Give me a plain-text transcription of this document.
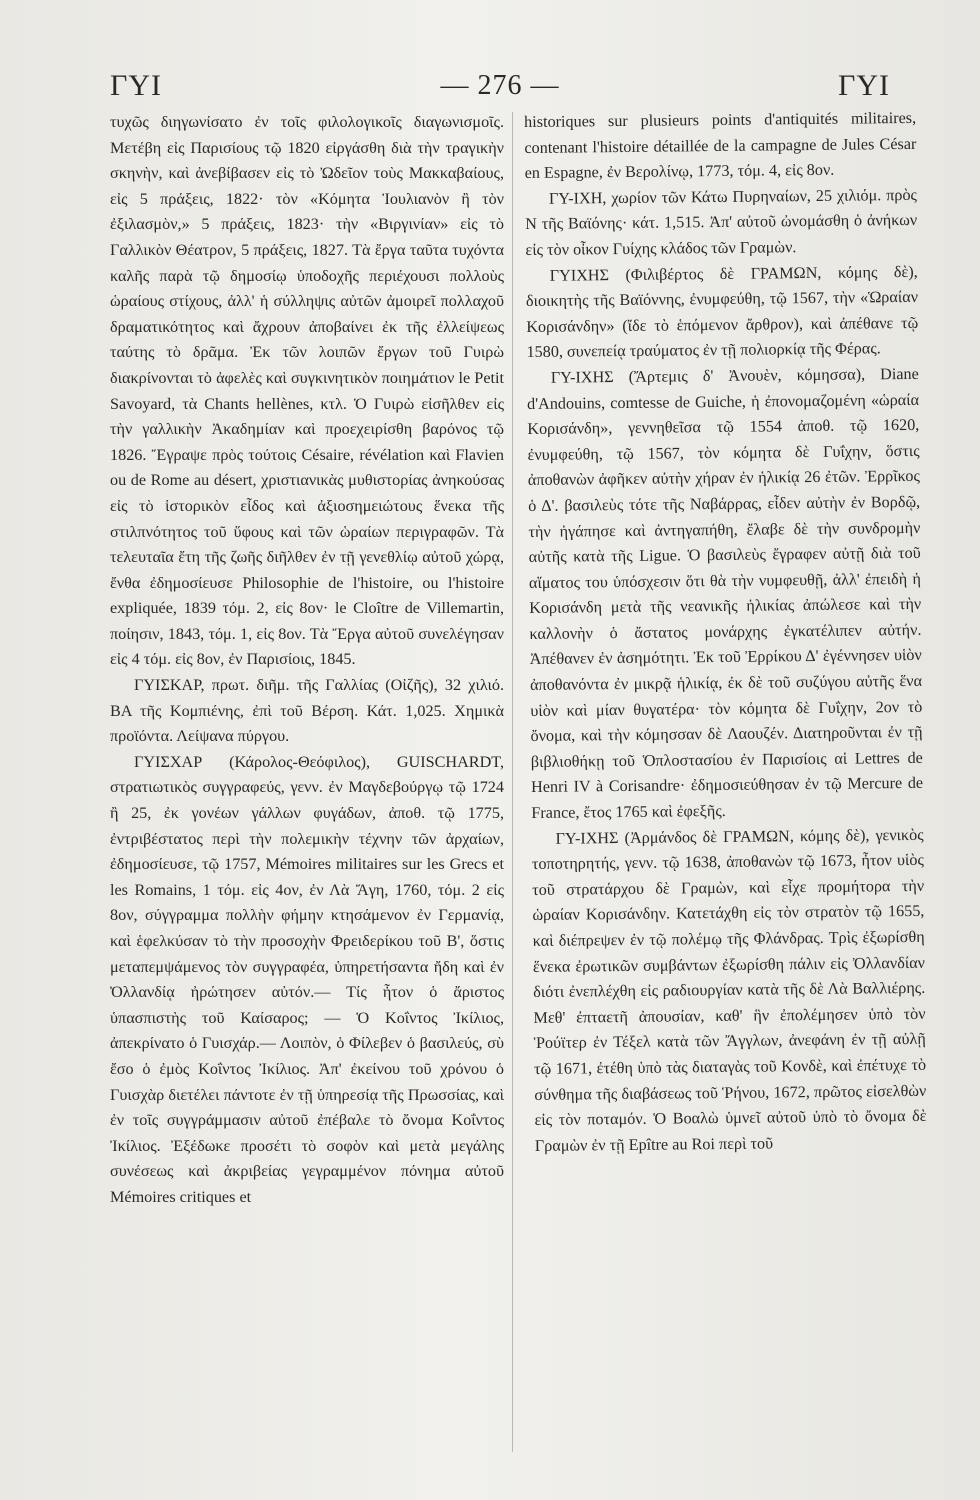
ΓΥΙ	— 276 —	ΓΥΙ

τυχῶς διηγωνίσατο ἐν τοῖς φιλολογικοῖς διαγωνισμοῖς. Μετέβη εἰς Παρισίους τῷ 1820 εἰργάσθη διὰ τὴν τραγικὴν σκηνὴν, καὶ ἀνεβίβασεν εἰς τὸ Ὠδεῖον τοὺς Μακκαβαίους, εἰς 5 πράξεις, 1822· τὸν «Κόμητα Ἰουλιανὸν ἢ τὸν ἐξιλασμὸν,» 5 πράξεις, 1823· τὴν «Βιργινίαν» εἰς τὸ Γαλλικὸν Θέατρον, 5 πράξεις, 1827. Τὰ ἔργα ταῦτα τυχόντα καλῆς παρὰ τῷ δημοσίῳ ὑποδοχῆς περιέχουσι πολλοὺς ὡραίους στίχους, ἀλλ' ἡ σύλληψις αὐτῶν ἀμοιρεῖ πολλαχοῦ δραματικότητος καὶ ἄχρουν ἀποβαίνει ἐκ τῆς ἐλλείψεως ταύτης τὸ δρᾶμα. Ἐκ τῶν λοιπῶν ἔργων τοῦ Γυιρὼ διακρίνονται τὸ ἀφελὲς καὶ συγκινητικὸν ποιημάτιον le Petit Savoyard, τὰ Chants hellènes, κτλ. Ὁ Γυιρὼ εἰσῆλθεν εἰς τὴν γαλλικὴν Ἀκαδημίαν καὶ προεχειρίσθη βαρόνος τῷ 1826. Ἔγραψε πρὸς τούτοις Césaire, révélation καὶ Flavien ou de Rome au désert, χριστιανικὰς μυθιστορίας ἀνηκούσας εἰς τὸ ἱστορικὸν εἶδος καὶ ἀξιοσημειώτους ἕνεκα τῆς στιλπνότητος τοῦ ὕφους καὶ τῶν ὡραίων περιγραφῶν. Τὰ τελευταῖα ἔτη τῆς ζωῆς διῆλθεν ἐν τῇ γενεθλίῳ αὐτοῦ χώρᾳ, ἔνθα ἐδημοσίευσε Philosophie de l'histoire, ou l'histoire expliquée, 1839 τόμ. 2, εἰς 8ον· le Cloître de Villemartin, ποίησιν, 1843, τόμ. 1, εἰς 8ον. Τὰ Ἔργα αὐτοῦ συνελέγησαν εἰς 4 τόμ. εἰς 8ον, ἐν Παρισίοις, 1845.

ΓΥΙΣΚΑΡ, πρωτ. διῆμ. τῆς Γαλλίας (Οἰζῆς), 32 χιλιό. ΒΑ τῆς Κομπιένης, ἐπὶ τοῦ Βέρση. Κάτ. 1,025. Χημικὰ προϊόντα. Λείψανα πύργου.

ΓΥΙΣΧΑΡ (Κάρολος-Θεόφιλος), GUISCHARDT, στρατιωτικὸς συγγραφεύς, γενν. ἐν Μαγδεβούργῳ τῷ 1724 ἢ 25, ἐκ γονέων γάλλων φυγάδων, ἀποθ. τῷ 1775, ἐντριβέστατος περὶ τὴν πολεμικὴν τέχνην τῶν ἀρχαίων, ἐδημοσίευσε, τῷ 1757, Mémoires militaires sur les Grecs et les Romains, 1 τόμ. εἰς 4ον, ἐν Λὰ Ἄγη, 1760, τόμ. 2 εἰς 8ον, σύγγραμμα πολλὴν φήμην κτησάμενον ἐν Γερμανίᾳ, καὶ ἑφελκύσαν τὸ τὴν προσοχὴν Φρειδερίκου τοῦ Β', ὅστις μεταπεμψάμενος τὸν συγγραφέα, ὑπηρετήσαντα ἤδη καὶ ἐν Ὀλλανδίᾳ ἠρώτησεν αὐτόν.— Τίς ἦτον ὁ ἄριστος ὑπασπιστὴς τοῦ Καίσαρος; — Ὁ Κοΐντος Ἰκίλιος, ἀπεκρίνατο ὁ Γυισχάρ.— Λοιπὸν, ὁ Φίλεβεν ὁ βασιλεύς, σὺ ἔσο ὁ ἐμὸς Κοΐντος Ἰκίλιος. Ἀπ' ἐκείνου τοῦ χρόνου ὁ Γυισχὰρ διετέλει πάντοτε ἐν τῇ ὑπηρεσίᾳ τῆς Πρωσσίας, καὶ ἐν τοῖς συγγράμμασιν αὐτοῦ ἐπέβαλε τὸ ὄνομα Κοΐντος Ἰκίλιος. Ἐξέδωκε προσέτι τὸ σοφὸν καὶ μετὰ μεγάλης συνέσεως καὶ ἀκριβείας γεγραμμένον πόνημα αὐτοῦ Mémoires critiques et

historiques sur plusieurs points d'antiquités militaires, contenant l'histoire détaillée de la campagne de Jules César en Espagne, ἐν Βερολίνῳ, 1773, τόμ. 4, εἰς 8ον.

ΓΥ-ΙΧΗ, χωρίον τῶν Κάτω Πυρηναίων, 25 χιλιόμ. πρὸς Ν τῆς Βαϊόνης· κάτ. 1,515. Ἀπ' αὐτοῦ ὠνομάσθη ὁ ἀνήκων εἰς τὸν οἶκον Γυίχης κλάδος τῶν Γραμὼν.

ΓΥΙΧΗΣ (Φιλιβέρτος δὲ ΓΡΑΜΩΝ, κόμης δὲ), διοικητὴς τῆς Βαϊόννης, ἐνυμφεύθη, τῷ 1567, τὴν «Ὡραίαν Κορισάνδην» (ἴδε τὸ ἑπόμενον ἄρθρον), καὶ ἀπέθανε τῷ 1580, συνεπείᾳ τραύματος ἐν τῇ πολιορκίᾳ τῆς Φέρας.

ΓΥ-ΙΧΗΣ (Ἄρτεμις δ' Ἀνουὲν, κόμησσα), Diane d'Andouins, comtesse de Guiche, ἡ ἐπονομαζομένη «ὡραία Κορισάνδη», γεννηθεῖσα τῷ 1554 ἀποθ. τῷ 1620, ἐνυμφεύθη, τῷ 1567, τὸν κόμητα δὲ Γυΐχην, ὅστις ἀποθανὼν ἀφῆκεν αὐτὴν χήραν ἐν ἡλικίᾳ 26 ἐτῶν. Ἐρρῖκος ὁ Δ'. βασιλεὺς τότε τῆς Ναβάρρας, εἶδεν αὐτὴν ἐν Βορδῷ, τὴν ἠγάπησε καὶ ἀντηγαπήθη, ἔλαβε δὲ τὴν συνδρομὴν αὐτῆς κατὰ τῆς Ligue. Ὁ βασιλεὺς ἔγραφεν αὐτῇ διὰ τοῦ αἵματος του ὑπόσχεσιν ὅτι θὰ τὴν νυμφευθῇ, ἀλλ' ἐπειδὴ ἡ Κορισάνδη μετὰ τῆς νεανικῆς ἡλικίας ἀπώλεσε καὶ τὴν καλλονὴν ὁ ἄστατος μονάρχης ἐγκατέλιπεν αὐτήν. Ἀπέθανεν ἐν ἀσημότητι. Ἐκ τοῦ Ἐρρίκου Δ' ἐγέννησεν υἱὸν ἀποθανόντα ἐν μικρᾷ ἡλικίᾳ, ἐκ δὲ τοῦ συζύγου αὐτῆς ἕνα υἱὸν καὶ μίαν θυγατέρα· τὸν κόμητα δὲ Γυΐχην, 2ον τὸ ὄνομα, καὶ τὴν κόμησσαν δὲ Λαουζέν. Διατηροῦνται ἐν τῇ βιβλιοθήκῃ τοῦ Ὁπλοστασίου ἐν Παρισίοις αἱ Lettres de Henri IV à Corisandre· ἐδημοσιεύθησαν ἐν τῷ Mercure de France, ἔτος 1765 καὶ ἐφεξῆς.

ΓΥ-ΙΧΗΣ (Ἀρμάνδος δὲ ΓΡΑΜΩΝ, κόμης δὲ), γενικὸς τοποτηρητής, γενν. τῷ 1638, ἀποθανὼν τῷ 1673, ἦτον υἱὸς τοῦ στρατάρχου δὲ Γραμὼν, καὶ εἶχε προμήτορα τὴν ὡραίαν Κορισάνδην. Κατετάχθη εἰς τὸν στρατὸν τῷ 1655, καὶ διέπρεψεν ἐν τῷ πολέμῳ τῆς Φλάνδρας. Τρὶς ἐξωρίσθη ἕνεκα ἐρωτικῶν συμβάντων ἐξωρίσθη πάλιν εἰς Ὀλλανδίαν διότι ἐνεπλέχθη εἰς ραδιουργίαν κατὰ τῆς δὲ Λὰ Βαλλιέρης. Μεθ' ἐπταετῆ ἀπουσίαν, καθ' ἣν ἐπολέμησεν ὑπὸ τὸν Ῥούϊτερ ἐν Τέξελ κατὰ τῶν Ἄγγλων, ἀνεφάνη ἐν τῇ αὐλῇ τῷ 1671, ἐτέθη ὑπὸ τὰς διαταγὰς τοῦ Κονδὲ, καὶ ἐπέτυχε τὸ σύνθημα τῆς διαβάσεως τοῦ Ῥήνου, 1672, πρῶτος εἰσελθὼν εἰς τὸν ποταμόν. Ὁ Βοαλὼ ὑμνεῖ αὐτοῦ ὑπὸ τὸ ὄνομα δὲ Γραμὼν ἐν τῇ Epître au Roi περὶ τοῦ
